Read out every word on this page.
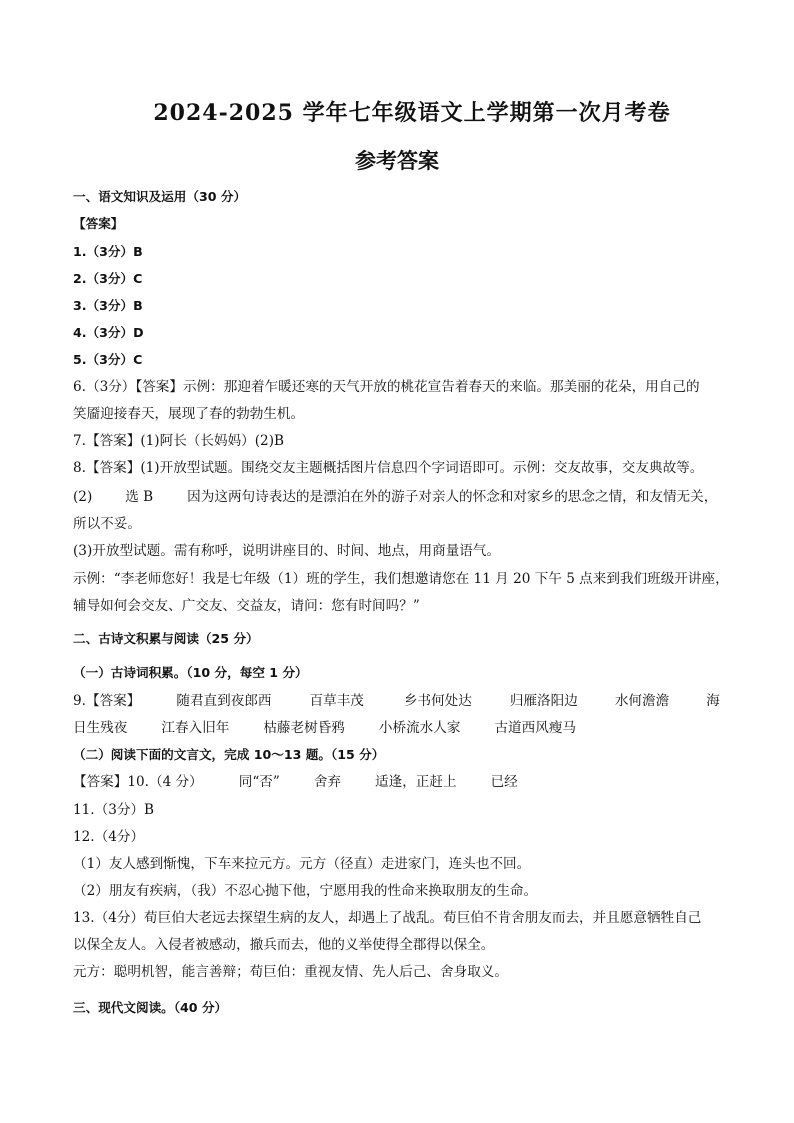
2024-2025 学年七年级语文上学期第一次月考卷
参考答案
一、语文知识及运用（30 分）
【答案】
1.（3分）B
2.（3分）C
3.（3分）B
4.（3分）D
5.（3分）C
6.（3分）【答案】示例：那迎着乍暖还寒的天气开放的桃花宣告着春天的来临。那美丽的花朵，用自己的
笑靥迎接春天，展现了春的勃勃生机。
7.【答案】(1)阿长（长妈妈）(2)B
8.【答案】(1)开放型试题。围绕交友主题概括图片信息四个字词语即可。示例：交友故事，交友典故等。
(2) 选 B	因为这两句诗表达的是漂泊在外的游子对亲人的怀念和对家乡的思念之情，和友情无关，
所以不妥。
(3)开放型试题。需有称呼，说明讲座目的、时间、地点，用商量语气。
示例：“李老师您好！我是七年级（1）班的学生，我们想邀请您在 11 月 20 下午 5 点来到我们班级开讲座，
辅导如何会交友、广交友、交益友，请问：您有时间吗？”
二、古诗文积累与阅读（25 分）
（一）古诗词积累。（10 分，每空 1 分）
9.【答案】	随君直到夜郎西	百草丰茂	乡书何处达	归雁洛阳边	水何澹澹	海
日生残夜	江春入旧年	枯藤老树昏鸦	小桥流水人家	古道西风瘦马
（二）阅读下面的文言文，完成 10～13 题。（15 分）
【答案】10.（4 分）	同“否”	舍弃	适逢，正赶上	已经
11.（3分）B
12.（4分）
（1）友人感到惭愧，下车来拉元方。元方（径直）走进家门，连头也不回。
（2）朋友有疾病，（我）不忍心抛下他，宁愿用我的性命来换取朋友的生命。
13.（4分）荀巨伯大老远去探望生病的友人，却遇上了战乱。荀巨伯不肯舍朋友而去，并且愿意牺牲自己
以保全友人。入侵者被感动，撤兵而去，他的义举使得全郡得以保全。
元方：聪明机智，能言善辩；荀巨伯：重视友情、先人后己、舍身取义。
三、现代文阅读。（40 分）
